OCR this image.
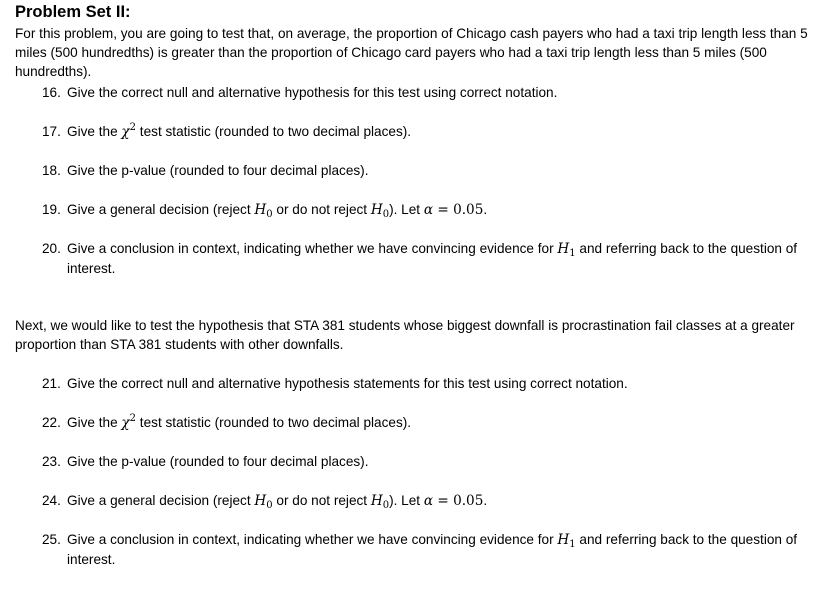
Problem Set II:

For this problem, you are going to test that, on average, the proportion of Chicago cash payers who had a taxi trip length less than 5 miles (500 hundredths) is greater than the proportion of Chicago card payers who had a taxi trip length less than 5 miles (500 hundredths).

16. Give the correct null and alternative hypothesis for this test using correct notation.
17. Give the $\chi^2$ test statistic (rounded to two decimal places).
18. Give the p-value (rounded to four decimal places).
19. Give a general decision (reject $H_0$ or do not reject $H_0$). Let α = 0.05.
20. Give a conclusion in context, indicating whether we have convincing evidence for $H_1$ and referring back to the question of interest.

Next, we would like to test the hypothesis that STA 381 students whose biggest downfall is procrastination fail classes at a greater proportion than STA 381 students with other downfalls.

21. Give the correct null and alternative hypothesis statements for this test using correct notation.
22. Give the $\chi^2$ test statistic (rounded to two decimal places).
23. Give the p-value (rounded to four decimal places).
24. Give a general decision (reject $H_0$ or do not reject $H_0$). Let α = 0.05.
25. Give a conclusion in context, indicating whether we have convincing evidence for $H_1$ and referring back to the question of interest.
